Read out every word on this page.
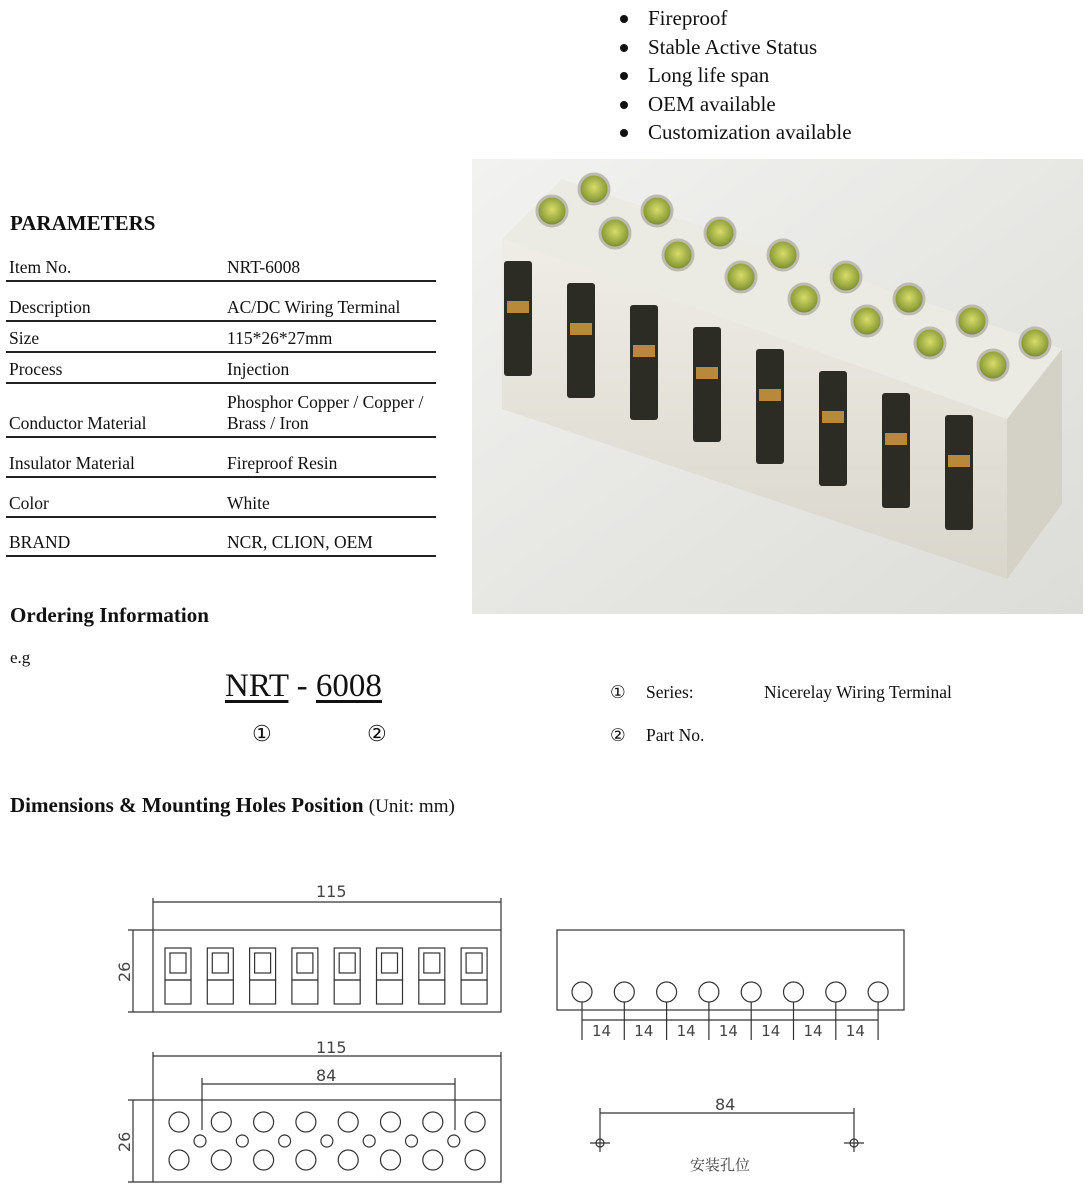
Fireproof
Stable Active Status
Long life span
OEM available
Customization available
PARAMETERS
Item No.	NRT-6008
Description	AC/DC Wiring Terminal
Size	115*26*27mm
Process	Injection
Conductor Material	Phosphor Copper / Copper / Brass / Iron
Insulator Material	Fireproof Resin
Color	White
BRAND	NCR, CLION, OEM
Ordering Information
e.g
NRT - 6008
①	②
① Series:	Nicerelay Wiring Terminal
② Part No.
Dimensions & Mounting Holes Position (Unit: mm)
115
115
84
26
26
84
安装孔位
14 14 14 14 14 14 14
